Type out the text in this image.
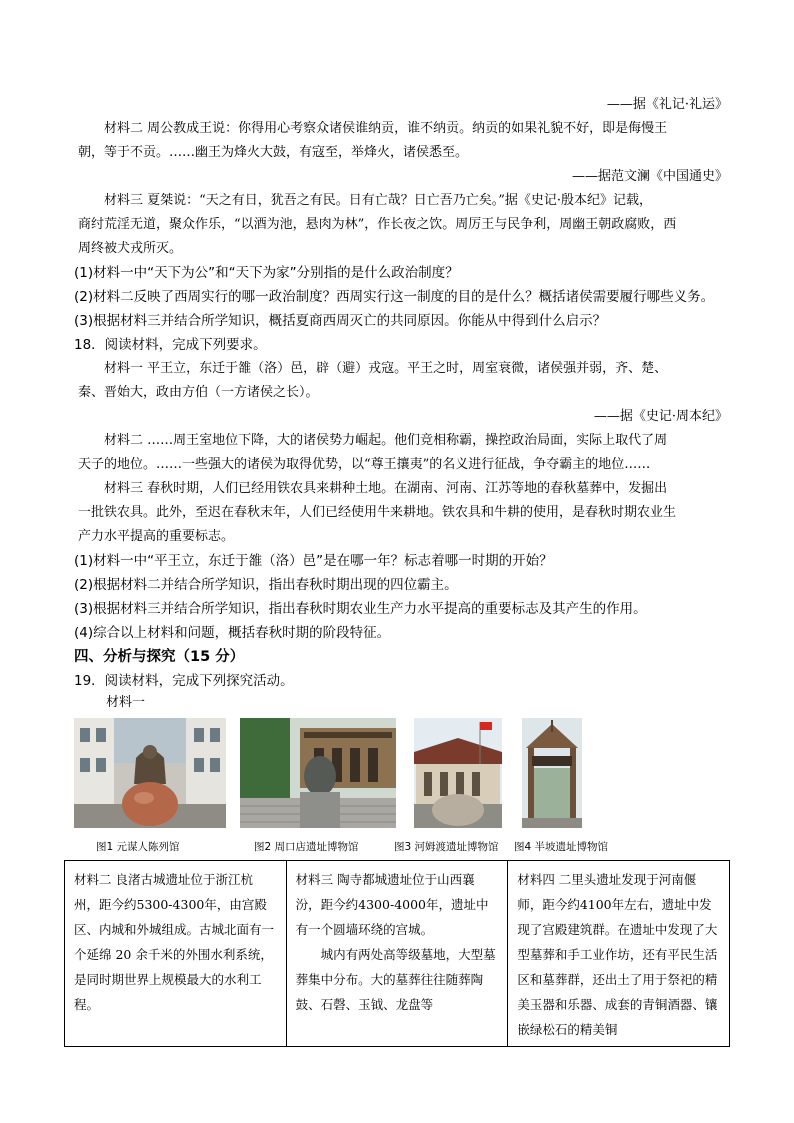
——据《礼记·礼运》
材料二 周公教成王说：你得用心考察众诸侯谁纳贡，谁不纳贡。纳贡的如果礼貌不好，即是侮慢王
朝，等于不贡。……幽王为烽火大鼓，有寇至，举烽火，诸侯悉至。
——据范文澜《中国通史》
材料三 夏桀说：“天之有日，犹吾之有民。日有亡哉？日亡吾乃亡矣。”据《史记·殷本纪》记载，
商纣荒淫无道，聚众作乐，“以酒为池，悬肉为林”，作长夜之饮。周厉王与民争利，周幽王朝政腐败，西
周终被犬戎所灭。
(1)材料一中“天下为公”和“天下为家”分别指的是什么政治制度？
(2)材料二反映了西周实行的哪一政治制度？西周实行这一制度的目的是什么？概括诸侯需要履行哪些义务。
(3)根据材料三并结合所学知识，概括夏商西周灭亡的共同原因。你能从中得到什么启示？
18．阅读材料，完成下列要求。
材料一 平王立，东迁于雒（洛）邑，辟（避）戎寇。平王之时，周室衰微，诸侯强并弱，齐、楚、
秦、晋始大，政由方伯（一方诸侯之长）。
——据《史记·周本纪》
材料二 ……周王室地位下降，大的诸侯势力崛起。他们竞相称霸，操控政治局面，实际上取代了周
天子的地位。……一些强大的诸侯为取得优势，以“尊王攘夷”的名义进行征战，争夺霸主的地位……
材料三 春秋时期，人们已经用铁农具来耕种土地。在湖南、河南、江苏等地的春秋墓葬中，发掘出
一批铁农具。此外，至迟在春秋末年，人们已经使用牛来耕地。铁农具和牛耕的使用，是春秋时期农业生
产力水平提高的重要标志。
(1)材料一中“平王立，东迁于雒（洛）邑”是在哪一年？标志着哪一时期的开始？
(2)根据材料二并结合所学知识，指出春秋时期出现的四位霸主。
(3)根据材料三并结合所学知识，指出春秋时期农业生产力水平提高的重要标志及其产生的作用。
(4)综合以上材料和问题，概括春秋时期的阶段特征。
四、分析与探究（15 分）
19．阅读材料，完成下列探究活动。
材料一
图1 元谋人陈列馆	图2 周口店遗址博物馆	图3 河姆渡遗址博物馆 图4 半坡遗址博物馆
材料二 良渚古城遗址位于浙江杭州，距今约5300-4300年，由宫殿区、内城和外城组成。古城北面有一个延绵 20 余千米的外围水利系统，是同时期世界上规模最大的水利工程。

材料三 陶寺都城遗址位于山西襄汾，距今约4300-4000年，遗址中有一个圆墙环绕的宫城。
城内有两处高等级墓地，大型墓葬集中分布。大的墓葬往往随葬陶鼓、石磬、玉钺、龙盘等

材料四 二里头遗址发现于河南偃师，距今约4100年左右，遗址中发现了宫殿建筑群。在遗址中发现了大型墓葬和手工业作坊，还有平民生活区和墓葬群，还出土了用于祭祀的精美玉器和乐器、成套的青铜酒器、镶嵌绿松石的精美铜
